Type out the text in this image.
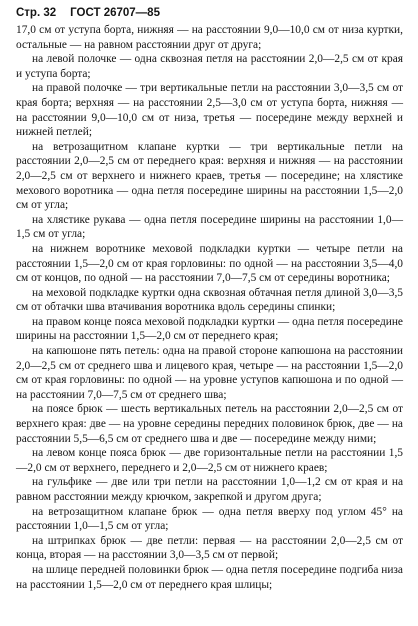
Стр. 32 ГОСТ 26707—85

17,0 см от уступа борта, нижняя — на расстоянии 9,0—10,0 см от низа куртки, остальные — на равном расстоянии друг от друга;

на левой полочке — одна сквозная петля на расстоянии 2,0—2,5 см от края и уступа борта;

на правой полочке — три вертикальные петли на расстоянии 3,0—3,5 см от края борта; верхняя — на расстоянии 2,5—3,0 см от уступа борта, нижняя — на расстоянии 9,0—10,0 см от низа, третья — посередине между верхней и нижней петлей;

на ветрозащитном клапане куртки — три вертикальные петли на расстоянии 2,0—2,5 см от переднего края: верхняя и нижняя — на расстоянии 2,0—2,5 см от верхнего и нижнего краев, третья — посередине; на хлястике мехового воротника — одна петля посередине ширины на расстоянии 1,5—2,0 см от угла;

на хлястике рукава — одна петля посередине ширины на расстоянии 1,0—1,5 см от угла;

на нижнем воротнике меховой подкладки куртки — четыре петли на расстоянии 1,5—2,0 см от края горловины: по одной — на расстоянии 3,5—4,0 см от концов, по одной — на расстоянии 7,0—7,5 см от середины воротника;

на меховой подкладке куртки одна сквозная обтачная петля длиной 3,0—3,5 см от обтачки шва втачивания воротника вдоль середины спинки;

на правом конце пояса меховой подкладки куртки — одна петля посередине ширины на расстоянии 1,5—2,0 см от переднего края;

на капюшоне пять петель: одна на правой стороне капюшона на расстоянии 2,0—2,5 см от среднего шва и лицевого края, четыре — на расстоянии 1,5—2,0 см от края горловины: по одной — на уровне уступов капюшона и по одной — на расстоянии 7,0—7,5 см от среднего шва;

на поясе брюк — шесть вертикальных петель на расстоянии 2,0—2,5 см от верхнего края: две — на уровне середины передних половинок брюк, две — на расстоянии 5,5—6,5 см от среднего шва и две — посередине между ними;

на левом конце пояса брюк — две горизонтальные петли на расстоянии 1,5—2,0 см от верхнего, переднего и 2,0—2,5 см от нижнего краев;

на гульфике — две или три петли на расстоянии 1,0—1,2 см от края и на равном расстоянии между крючком, закрепкой и другом друга;

на ветрозащитном клапане брюк — одна петля вверху под углом 45° на расстоянии 1,0—1,5 см от угла;

на штрипках брюк — две петли: первая — на расстоянии 2,0—2,5 см от конца, вторая — на расстоянии 3,0—3,5 см от первой;

на шлице передней половинки брюк — одна петля посередине подгиба низа на расстоянии 1,5—2,0 см от переднего края шлицы;
